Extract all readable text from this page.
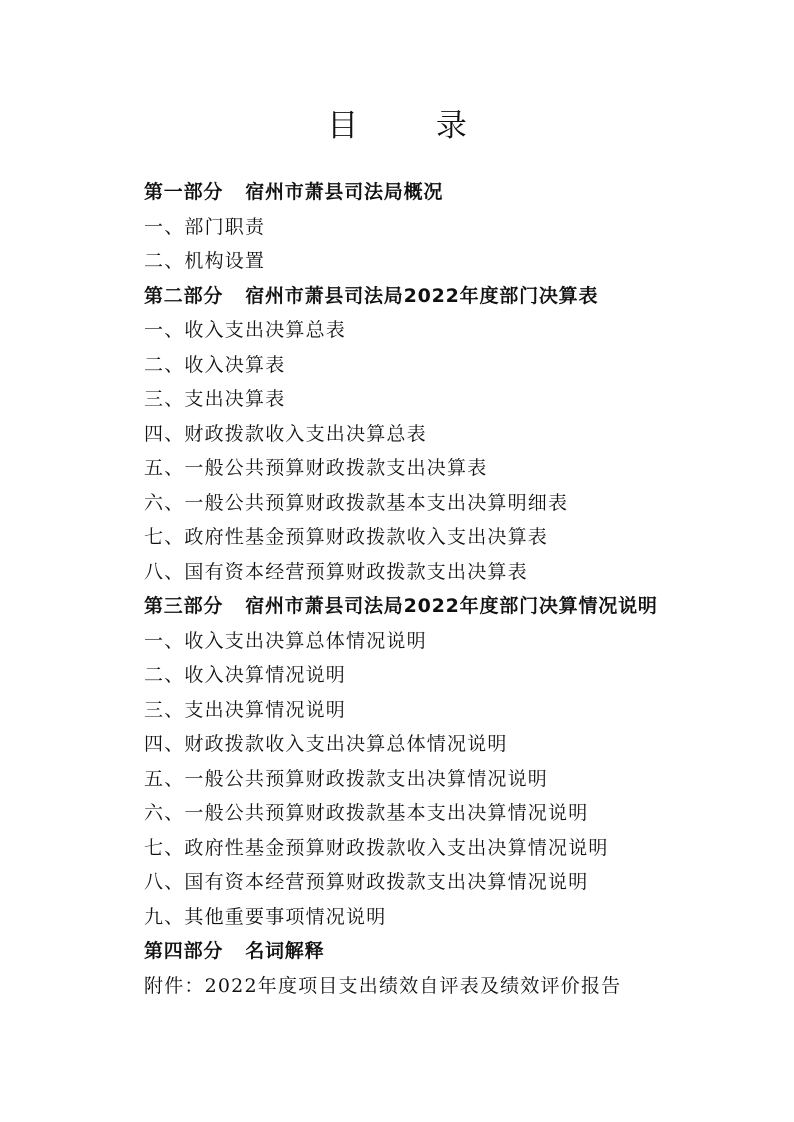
目 录
第一部分 宿州市萧县司法局概况
一、部门职责
二、机构设置
第二部分 宿州市萧县司法局2022年度部门决算表
一、收入支出决算总表
二、收入决算表
三、支出决算表
四、财政拨款收入支出决算总表
五、一般公共预算财政拨款支出决算表
六、一般公共预算财政拨款基本支出决算明细表
七、政府性基金预算财政拨款收入支出决算表
八、国有资本经营预算财政拨款支出决算表
第三部分 宿州市萧县司法局2022年度部门决算情况说明
一、收入支出决算总体情况说明
二、收入决算情况说明
三、支出决算情况说明
四、财政拨款收入支出决算总体情况说明
五、一般公共预算财政拨款支出决算情况说明
六、一般公共预算财政拨款基本支出决算情况说明
七、政府性基金预算财政拨款收入支出决算情况说明
八、国有资本经营预算财政拨款支出决算情况说明
九、其他重要事项情况说明
第四部分 名词解释
附件：2022年度项目支出绩效自评表及绩效评价报告
